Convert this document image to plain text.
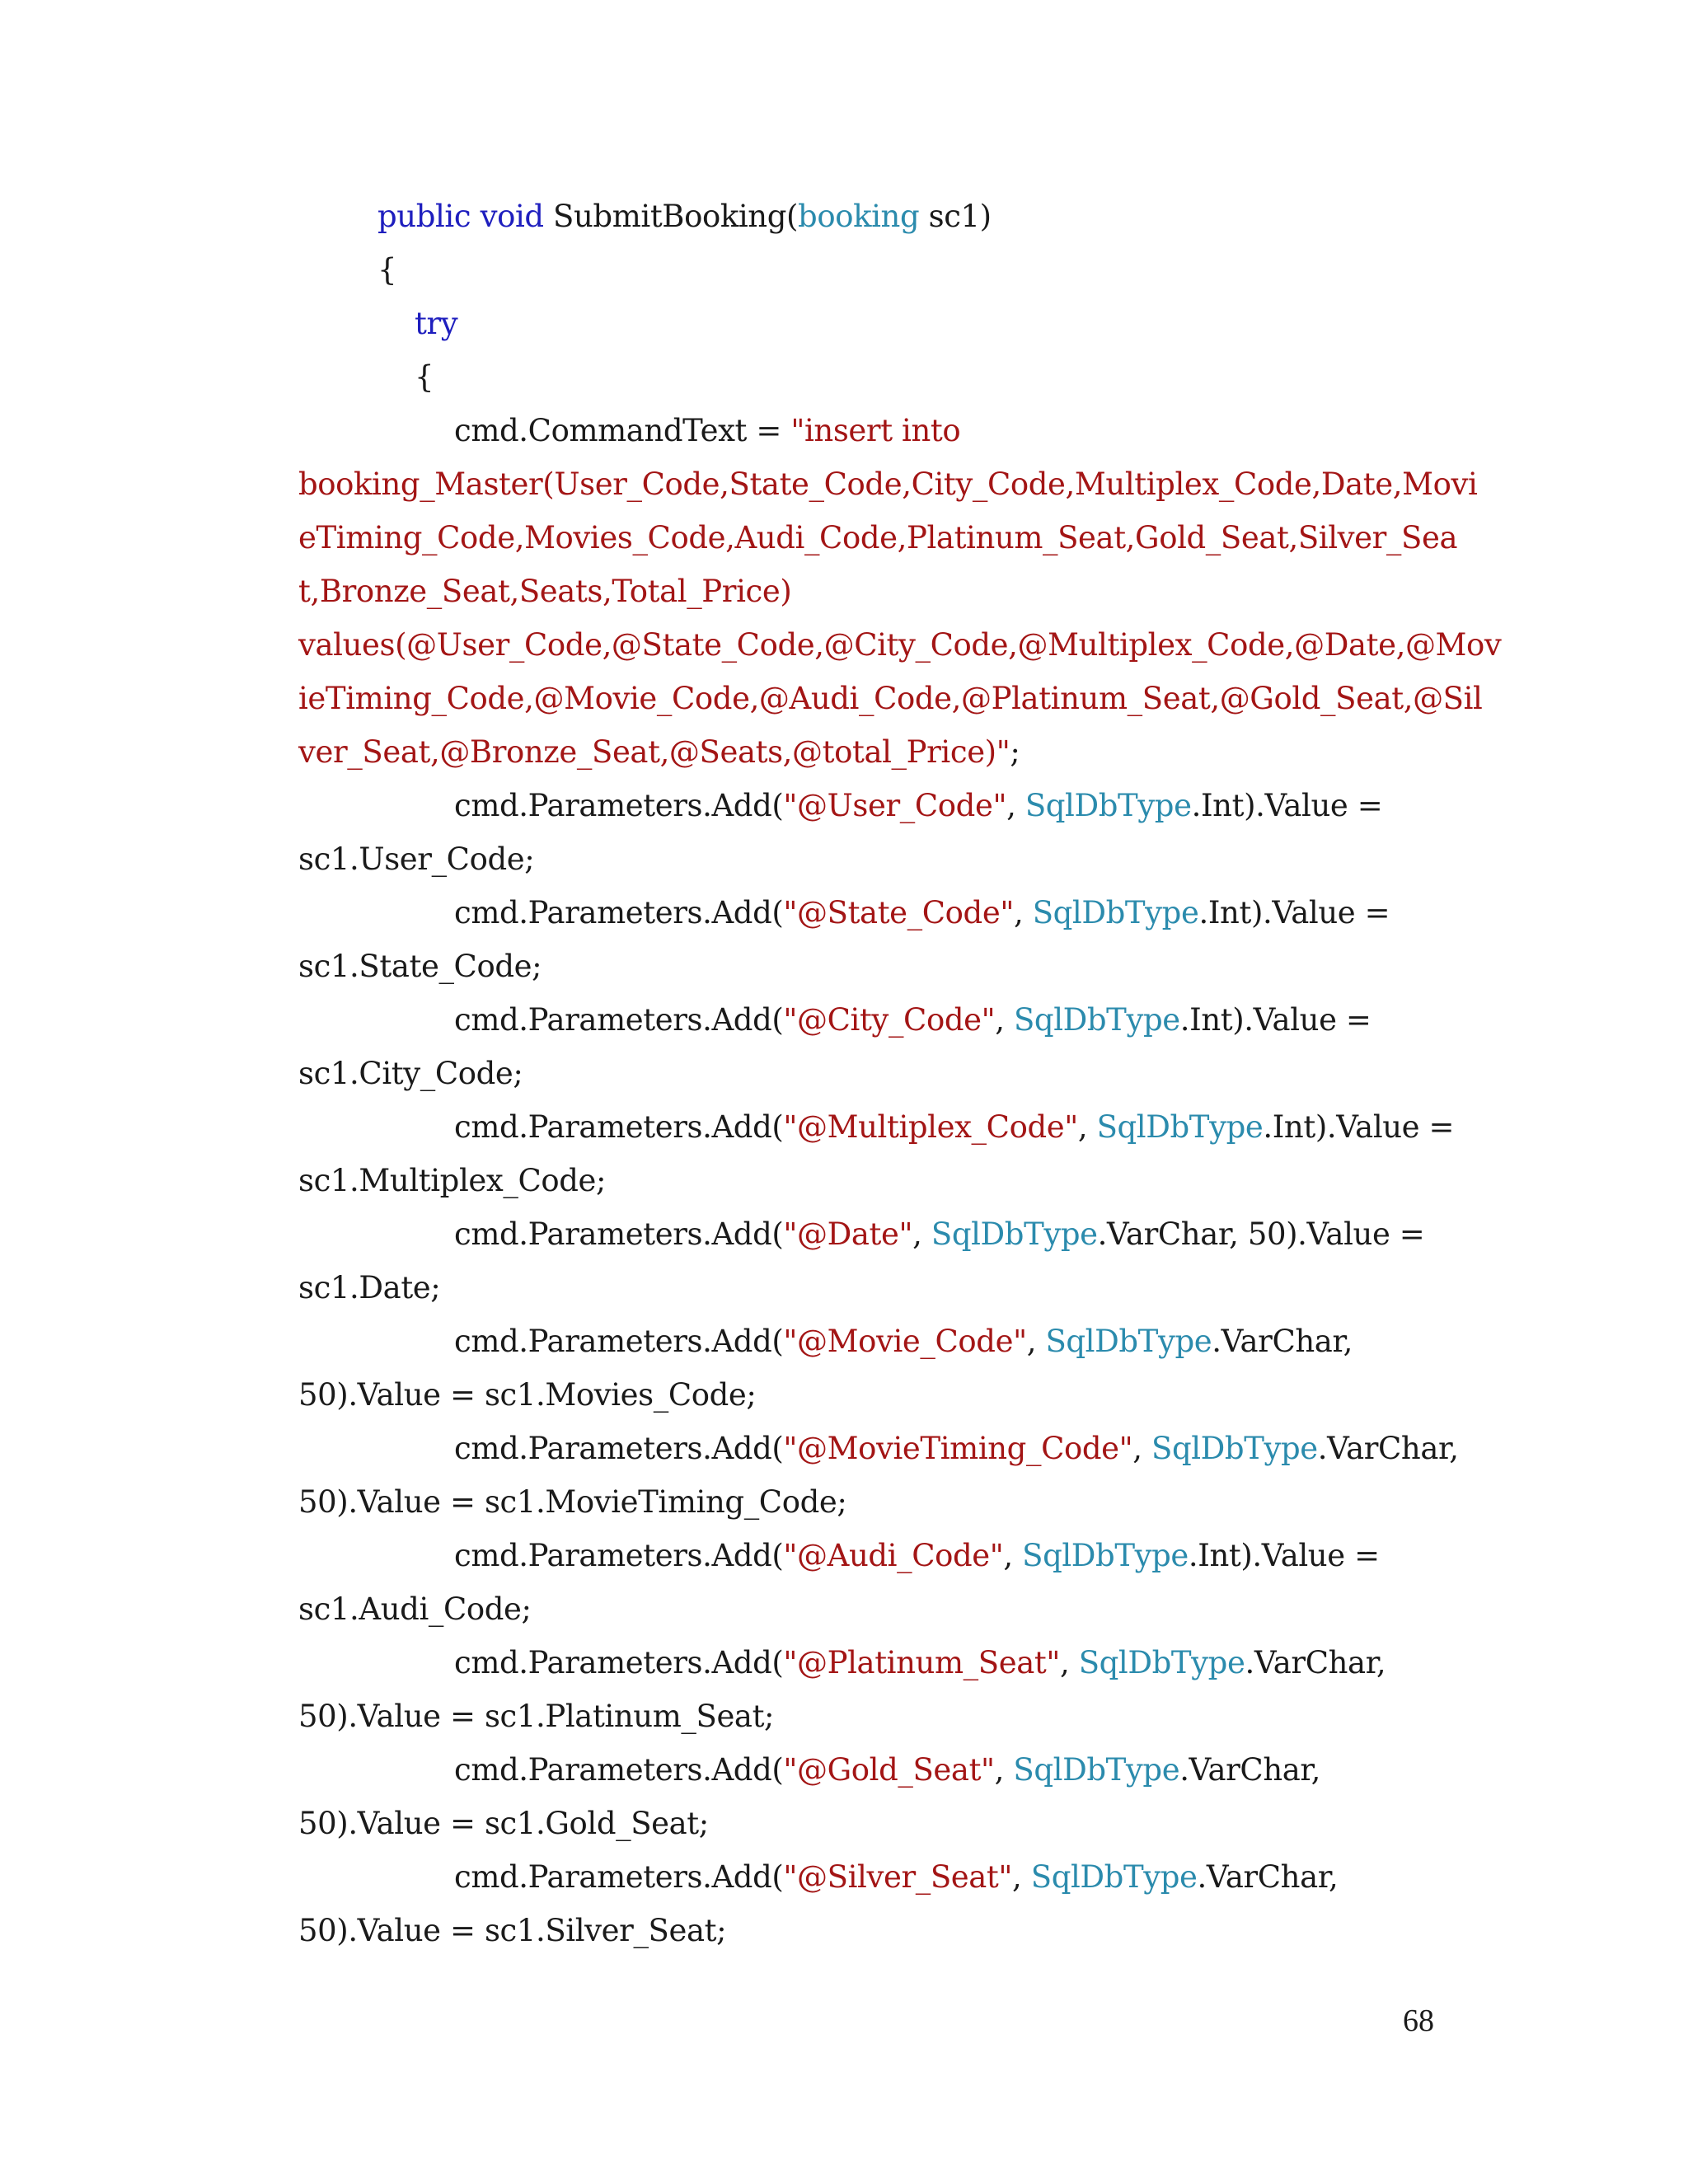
public void SubmitBooking(booking sc1)
{
try
{
cmd.CommandText = "insert into
booking_Master(User_Code,State_Code,City_Code,Multiplex_Code,Date,Movi
eTiming_Code,Movies_Code,Audi_Code,Platinum_Seat,Gold_Seat,Silver_Sea
t,Bronze_Seat,Seats,Total_Price)
values(@User_Code,@State_Code,@City_Code,@Multiplex_Code,@Date,@Mov
ieTiming_Code,@Movie_Code,@Audi_Code,@Platinum_Seat,@Gold_Seat,@Sil
ver_Seat,@Bronze_Seat,@Seats,@total_Price)";
cmd.Parameters.Add("@User_Code", SqlDbType.Int).Value =
sc1.User_Code;
cmd.Parameters.Add("@State_Code", SqlDbType.Int).Value =
sc1.State_Code;
cmd.Parameters.Add("@City_Code", SqlDbType.Int).Value =
sc1.City_Code;
cmd.Parameters.Add("@Multiplex_Code", SqlDbType.Int).Value =
sc1.Multiplex_Code;
cmd.Parameters.Add("@Date", SqlDbType.VarChar, 50).Value =
sc1.Date;
cmd.Parameters.Add("@Movie_Code", SqlDbType.VarChar,
50).Value = sc1.Movies_Code;
cmd.Parameters.Add("@MovieTiming_Code", SqlDbType.VarChar,
50).Value = sc1.MovieTiming_Code;
cmd.Parameters.Add("@Audi_Code", SqlDbType.Int).Value =
sc1.Audi_Code;
cmd.Parameters.Add("@Platinum_Seat", SqlDbType.VarChar,
50).Value = sc1.Platinum_Seat;
cmd.Parameters.Add("@Gold_Seat", SqlDbType.VarChar,
50).Value = sc1.Gold_Seat;
cmd.Parameters.Add("@Silver_Seat", SqlDbType.VarChar,
50).Value = sc1.Silver_Seat;
68
